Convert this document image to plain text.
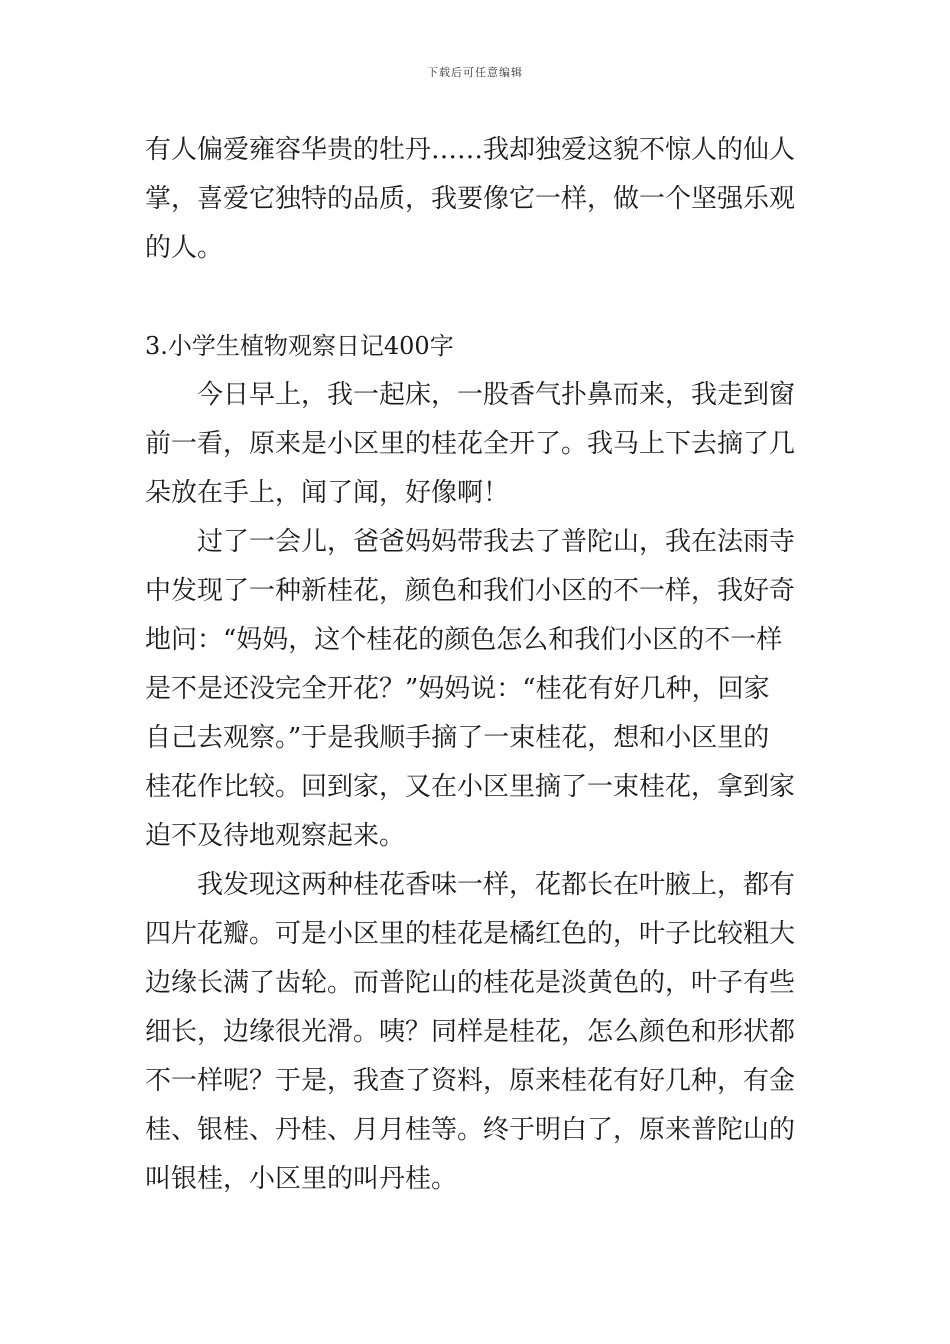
下载后可任意编辑
有人偏爱雍容华贵的牡丹……我却独爱这貌不惊人的仙人
掌，喜爱它独特的品质，我要像它一样，做一个坚强乐观
的人。
3.小学生植物观察日记400字
今日早上，我一起床，一股香气扑鼻而来，我走到窗
前一看，原来是小区里的桂花全开了。我马上下去摘了几
朵放在手上，闻了闻，好像啊！
过了一会儿，爸爸妈妈带我去了普陀山，我在法雨寺
中发现了一种新桂花，颜色和我们小区的不一样，我好奇
地问：“妈妈，这个桂花的颜色怎么和我们小区的不一样
是不是还没完全开花？”妈妈说：“桂花有好几种，回家
自己去观察。”于是我顺手摘了一束桂花，想和小区里的
桂花作比较。回到家，又在小区里摘了一束桂花，拿到家
迫不及待地观察起来。
我发现这两种桂花香味一样，花都长在叶腋上，都有
四片花瓣。可是小区里的桂花是橘红色的，叶子比较粗大
边缘长满了齿轮。而普陀山的桂花是淡黄色的，叶子有些
细长，边缘很光滑。咦？同样是桂花，怎么颜色和形状都
不一样呢？于是，我查了资料，原来桂花有好几种，有金
桂、银桂、丹桂、月月桂等。终于明白了，原来普陀山的
叫银桂，小区里的叫丹桂。
